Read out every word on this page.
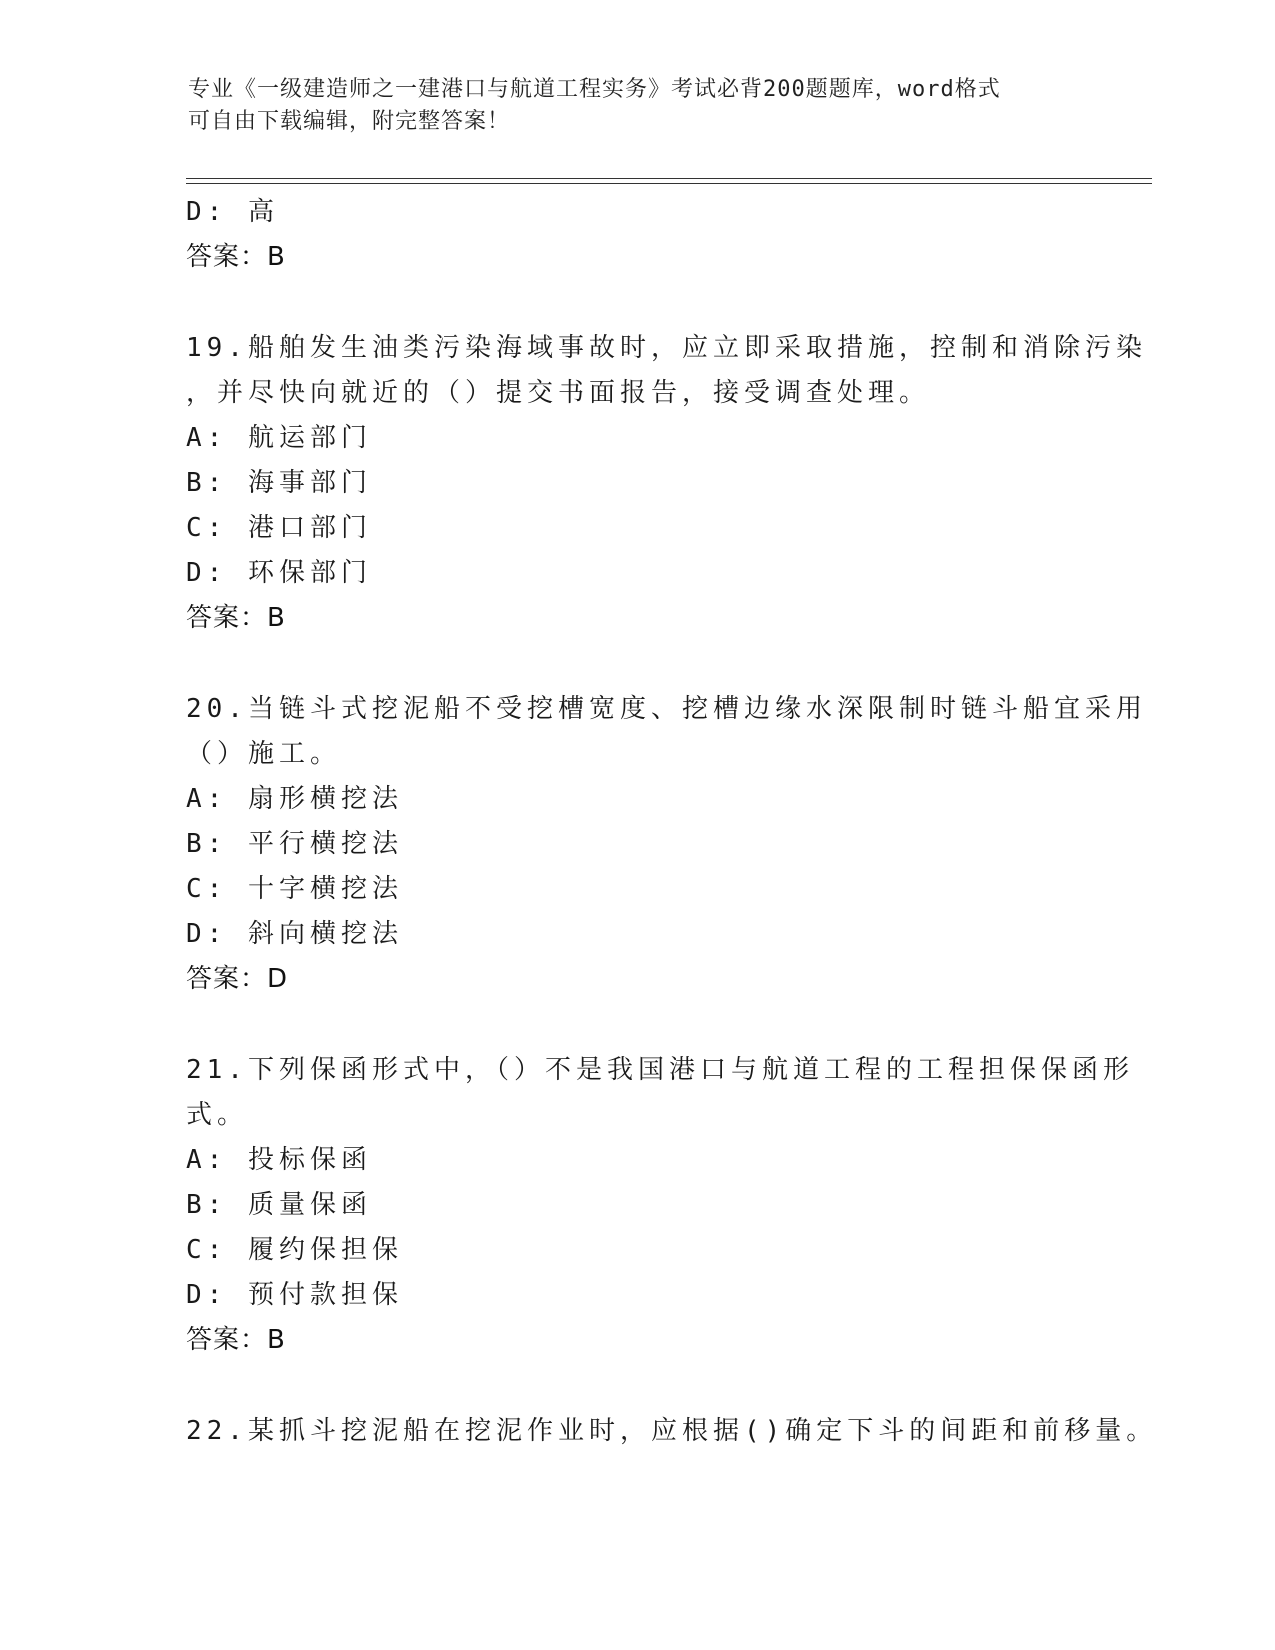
专业《一级建造师之一建港口与航道工程实务》考试必背200题题库，word格式
可自由下载编辑，附完整答案！
D: 高
答案：B
19.船舶发生油类污染海域事故时，应立即采取措施，控制和消除污染
，并尽快向就近的（）提交书面报告，接受调查处理。
A: 航运部门
B: 海事部门
C: 港口部门
D: 环保部门
答案：B
20.当链斗式挖泥船不受挖槽宽度、挖槽边缘水深限制时链斗船宜采用
（）施工。
A: 扇形横挖法
B: 平行横挖法
C: 十字横挖法
D: 斜向横挖法
答案：D
21.下列保函形式中，（）不是我国港口与航道工程的工程担保保函形
式。
A: 投标保函
B: 质量保函
C: 履约保担保
D: 预付款担保
答案：B
22.某抓斗挖泥船在挖泥作业时，应根据()确定下斗的间距和前移量。
